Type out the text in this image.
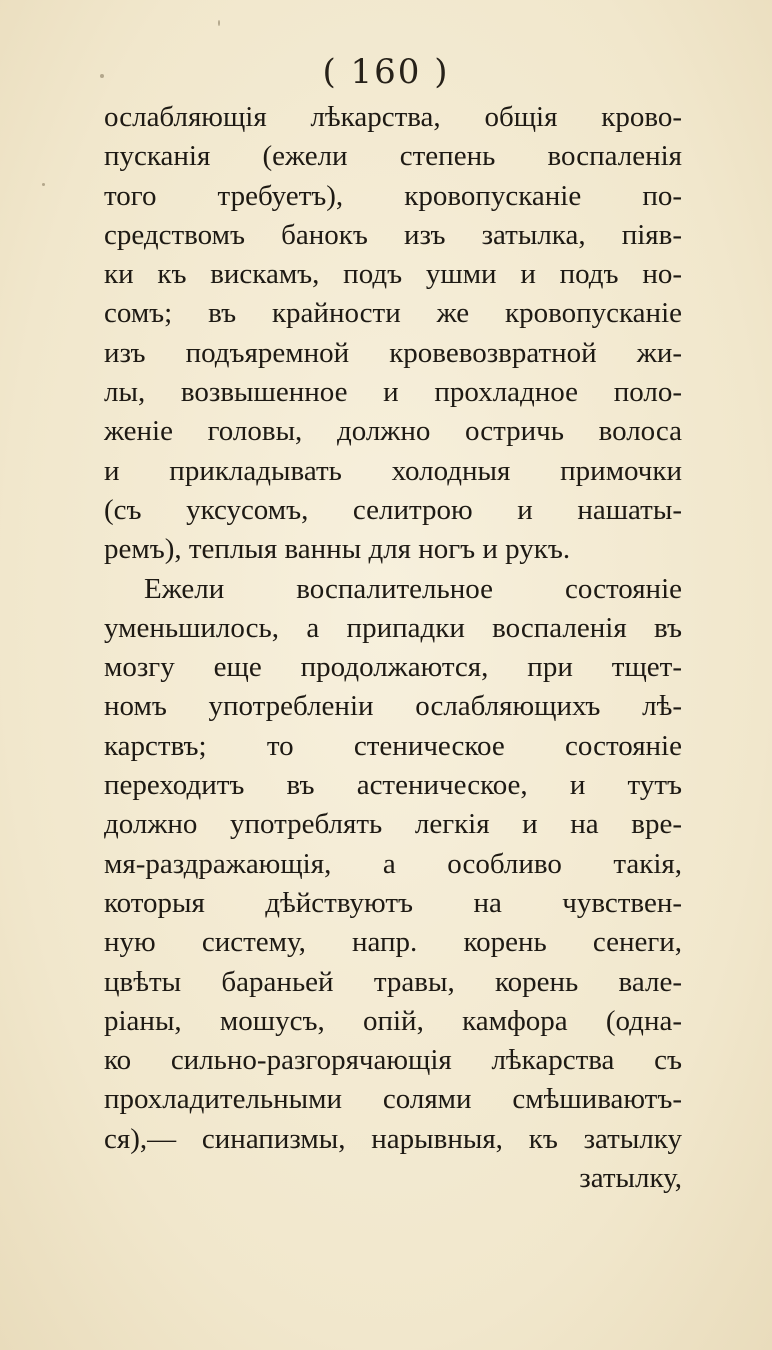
( 160 )
ослабляющія лѣкарства, общія крово-
пусканія (ежели степень воспаленія
того требуетъ), кровопусканіе по-
средствомъ банокъ изъ затылка, піяв-
ки къ вискамъ, подъ ушми и подъ но-
сомъ; въ крайности же кровопусканіе
изъ подъяремной кровевозвратной жи-
лы, возвышенное и прохладное поло-
женіе головы, должно остричь волоса
и прикладывать холодныя примочки
(съ уксусомъ, селитрою и нашаты-
ремъ), теплыя ванны для ногъ и рукъ.
Ежели воспалительное состояніе
уменьшилось, а припадки воспаленія въ
мозгу еще продолжаются, при тщет-
номъ употребленіи ослабляющихъ лѣ-
карствъ; то стеническое состояніе
переходитъ въ астеническое, и тутъ
должно употреблять легкія и на вре-
мя-раздражающія, а особливо такія,
которыя дѣйствуютъ на чувствен-
ную систему, напр. корень сенеги,
цвѣты бараньей травы, корень вале-
ріаны, мошусъ, опій, камфора (одна-
ко сильно-разгорячающія лѣкарства съ
прохладительными солями смѣшиваютъ-
ся),— синапизмы, нарывныя, къ затылку
затылку,
